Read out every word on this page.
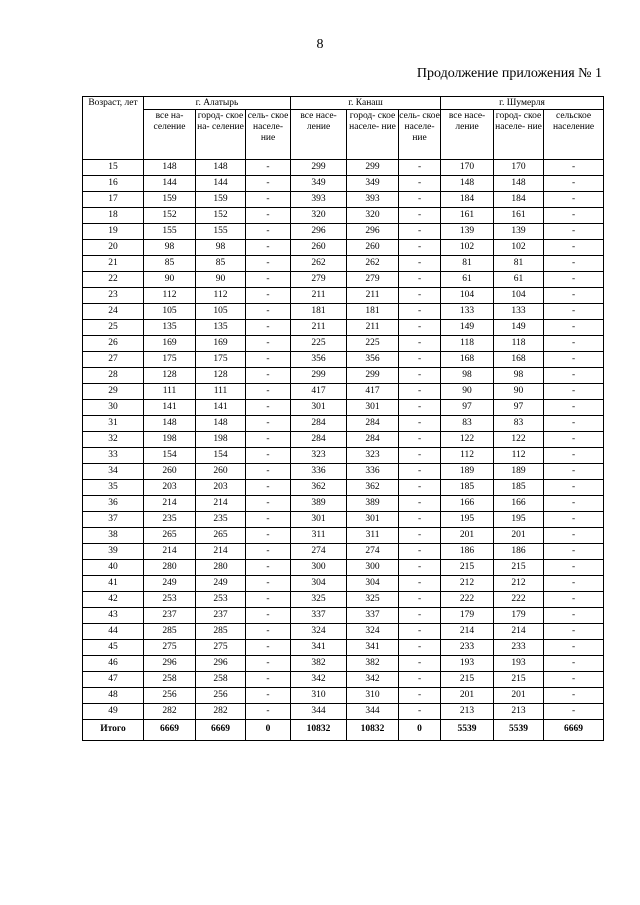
8
Продолжение приложения № 1
Возраст, лет	г. Алатырь			г. Канаш			г. Шумерля		
	все на- селение	город- ское на- селение	сель- ское населе- ние	все насе- ление	город- ское населе- ние	сель- ское населе- ние	все насе- ление	город- ское населе- ние	сельское население
15	148	148	-	299	299	-	170	170	-
16	144	144	-	349	349	-	148	148	-
17	159	159	-	393	393	-	184	184	-
18	152	152	-	320	320	-	161	161	-
19	155	155	-	296	296	-	139	139	-
20	98	98	-	260	260	-	102	102	-
21	85	85	-	262	262	-	81	81	-
22	90	90	-	279	279	-	61	61	-
23	112	112	-	211	211	-	104	104	-
24	105	105	-	181	181	-	133	133	-
25	135	135	-	211	211	-	149	149	-
26	169	169	-	225	225	-	118	118	-
27	175	175	-	356	356	-	168	168	-
28	128	128	-	299	299	-	98	98	-
29	111	111	-	417	417	-	90	90	-
30	141	141	-	301	301	-	97	97	-
31	148	148	-	284	284	-	83	83	-
32	198	198	-	284	284	-	122	122	-
33	154	154	-	323	323	-	112	112	-
34	260	260	-	336	336	-	189	189	-
35	203	203	-	362	362	-	185	185	-
36	214	214	-	389	389	-	166	166	-
37	235	235	-	301	301	-	195	195	-
38	265	265	-	311	311	-	201	201	-
39	214	214	-	274	274	-	186	186	-
40	280	280	-	300	300	-	215	215	-
41	249	249	-	304	304	-	212	212	-
42	253	253	-	325	325	-	222	222	-
43	237	237	-	337	337	-	179	179	-
44	285	285	-	324	324	-	214	214	-
45	275	275	-	341	341	-	233	233	-
46	296	296	-	382	382	-	193	193	-
47	258	258	-	342	342	-	215	215	-
48	256	256	-	310	310	-	201	201	-
49	282	282	-	344	344	-	213	213	-
Итого	6669	6669	0	10832	10832	0	5539	5539	6669
